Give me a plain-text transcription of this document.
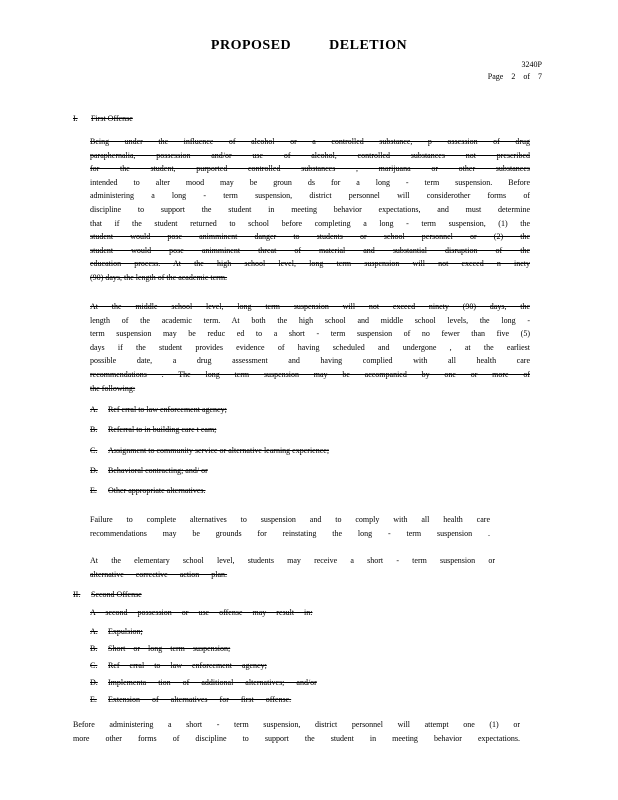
PROPOSED	DELETION
3240P
Page 2 of 7
I. First Offense
Being under the influence of alcohol or a controlled substance, p ossession of drug
paraphernalia, possession and/or use of alcohol, controlled substances not prescribed
for the student, purported controlled substances , marijuana or other substances
intended to alter mood may be groun ds for a long - term suspension. Before
administering a long - term suspension, district personnel will considerother forms of
discipline to support the student in meeting behavior expectations, and must determine
that if the student returned to school before completing a long - term suspension, (1) the
student would pose animminent danger to students or school personnel or (2) the
student would pose animminent threat of material and substantial disruption of the
education process. At the high school level, long term suspension will not exceed n inety
(90) days, the length of the academic term.
At the middle school level, long term suspension will not exceed ninety (90) days, the
length of the academic term. At both the high school and middle school levels, the long -
term suspension may be reduc ed to a short - term suspension of no fewer than five (5)
days if the student provides evidence of having scheduled and undergone , at the earliest
possible date, a drug assessment and having complied with all health care
recommendations . The long term suspension may be accompanied by one or more of
the following:
A. Ref erral to law enforcement agency;
B. Referral to in building care t eam;
C. Assignment to community service or alternative learning experience;
D. Behavioral contracting; and/ or
E. Other appropriate alternatives.
Failure to complete alternatives to suspension and to comply with all health care
recommendations may be grounds for reinstating the long - term suspension .
At the elementary school level, students may receive a short - term suspension or
alternative corrective action plan.
II. Second Offense
A second possession or use offense may result in:
A. Expulsion;
B. Short or long term suspension;
C. Ref erral to law enforcement agency;
D. Implementa tion of additional alternatives; and/or
E. Extension of alternatives for first offense.
Before administering a short - term suspension, district personnel will attempt one (1) or
more other forms of discipline to support the student in meeting behavior expectations.
